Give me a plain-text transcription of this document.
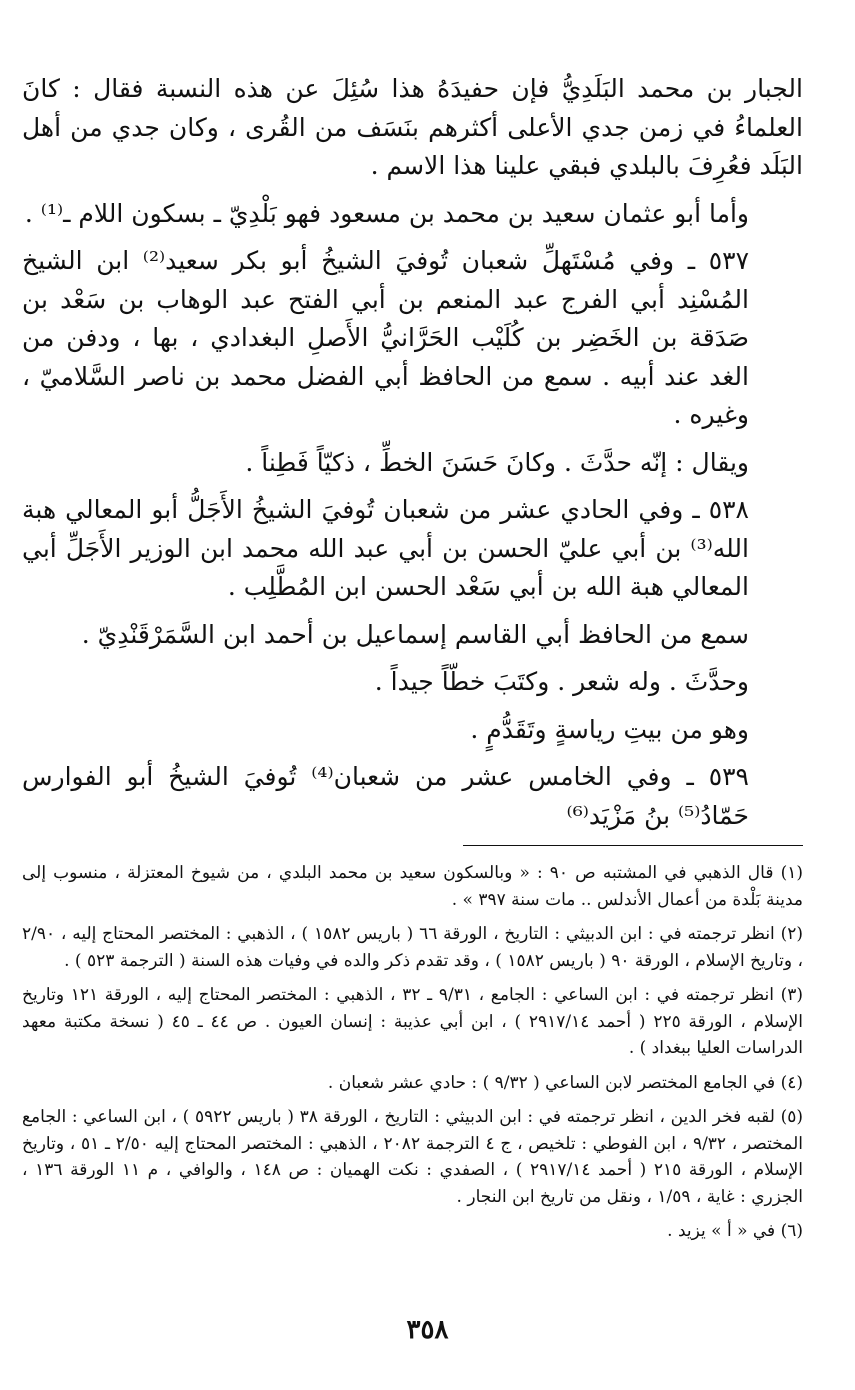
الجبار بن محمد البَلَدِيُّ فإن حفيدَهُ هذا سُئِلَ عن هذه النسبة فقال : كانَ العلماءُ في زمن جدي الأعلى أكثرهم بنَسَف من القُرى ، وكان جدي من أهل البَلَد فعُرِفَ بالبلدي فبقي علينا هذا الاسم .

وأما أبو عثمان سعيد بن محمد بن مسعود فهو بَلْدِيّ ـ بسكون اللام ـ⁽¹⁾ .

٥٣٧ ـ وفي مُسْتَهلِّ شعبان تُوفيَ الشيخُ أبو بكر سعيد⁽²⁾ ابن الشيخ المُسْنِد أبي الفرج عبد المنعم بن أبي الفتح عبد الوهاب بن سَعْد بن صَدَقة بن الخَضِر بن كُلَيْب الحَرَّانيُّ الأَصلِ البغدادي ، بها ، ودفن من الغد عند أبيه . سمع من الحافظ أبي الفضل محمد بن ناصر السَّلاميّ ، وغيره .

ويقال : إنّه حدَّثَ . وكانَ حَسَنَ الخطِّ ، ذكيّاً فَطِناً .

٥٣٨ ـ وفي الحادي عشر من شعبان تُوفيَ الشيخُ الأَجَلُّ أبو المعالي هبة الله⁽³⁾ بن أبي عليّ الحسن بن أبي عبد الله محمد ابن الوزير الأَجَلِّ أبي المعالي هبة الله بن أبي سَعْد الحسن ابن المُطَّلِب .

سمع من الحافظ أبي القاسم إسماعيل بن أحمد ابن السَّمَرْقَنْدِيّ .

وحدَّثَ . وله شعر . وكتَبَ خطّاً جيداً .

وهو من بيتِ رياسةٍ وتَقَدُّمٍ .

٥٣٩ ـ وفي الخامس عشر من شعبان⁽⁴⁾ تُوفيَ الشيخُ أبو الفوارس حَمّادُ⁽⁵⁾ بنُ مَزْيَد⁽⁶⁾

(١) قال الذهبي في المشتبه ص ٩٠ : « وبالسكون سعيد بن محمد البلدي ، من شيوخ المعتزلة ، منسوب إلى مدينة بَلْدة من أعمال الأندلس .. مات سنة ٣٩٧ » .

(٢) انظر ترجمته في : ابن الدبيثي : التاريخ ، الورقة ٦٦ ( باريس ١٥٨٢ ) ، الذهبي : المختصر المحتاج إليه ، ٢/٩٠ ، وتاريخ الإسلام ، الورقة ٩٠ ( باريس ١٥٨٢ ) ، وقد تقدم ذكر والده في وفيات هذه السنة ( الترجمة ٥٢٣ ) .

(٣) انظر ترجمته في : ابن الساعي : الجامع ، ٩/٣١ ـ ٣٢ ، الذهبي : المختصر المحتاج إليه ، الورقة ١٢١ وتاريخ الإسلام ، الورقة ٢٢٥ ( أحمد ٢٩١٧/١٤ ) ، ابن أبي عذيبة : إنسان العيون . ص ٤٤ ـ ٤٥ ( نسخة مكتبة معهد الدراسات العليا ببغداد ) .

(٤) في الجامع المختصر لابن الساعي ( ٩/٣٢ ) : حادي عشر شعبان .

(٥) لقبه فخر الدين ، انظر ترجمته في : ابن الدبيثي : التاريخ ، الورقة ٣٨ ( باريس ٥٩٢٢ ) ، ابن الساعي : الجامع المختصر ، ٩/٣٢ ، ابن الفوطي : تلخيص ، ج ٤ الترجمة ٢٠٨٢ ، الذهبي : المختصر المحتاج إليه ٢/٥٠ ـ ٥١ ، وتاريخ الإسلام ، الورقة ٢١٥ ( أحمد ٢٩١٧/١٤ ) ، الصفدي : نكت الهميان : ص ١٤٨ ، والوافي ، م ١١ الورقة ١٣٦ ، الجزري : غاية ، ١/٥٩ ، ونقل من تاريخ ابن النجار .

(٦) في « أ » يزيد .

٣٥٨
